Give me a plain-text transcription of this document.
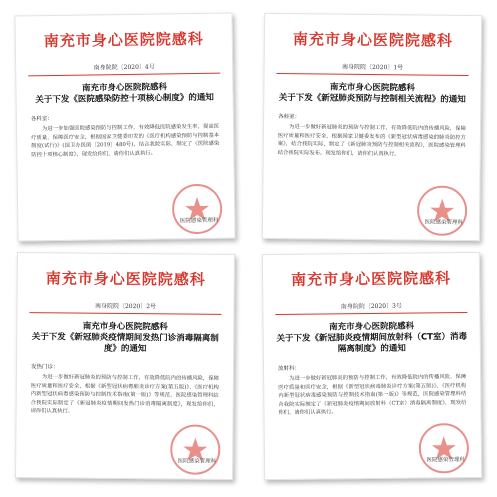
南充市身心医院院感科
南身院院〔2020〕4号
南充市身心医院院感科
关于下发《医院感染防控十项核心制度》的通知
各科室：
为进一步加强医院感染预防与控制工作，有效降低医院感染发生率，提高医疗质量，保障医疗安全，根据国家卫健委印发的《医疗机构感染预防与控制基本制度(试行)》(国卫办医函〔2019〕480号)，结合我院实际，制定了《医院感染防控十项核心制度》，现发给你们，请你们认真执行。
医院感染管理科
南充市身心医院院感科
南身院院〔2020〕1号
南充市身心医院院感科
关于下发《新冠肺炎预防与控制相关流程》的通知
各科室：
为进一步做好新冠肺炎的预防与控制工作，有效降低院内的传播风险，保障医疗质量和医疗安全，根据国家卫健委发布的《新型冠状病毒感染的肺炎防控方案》，结合我院实际，制定了《新冠肺炎预防与控制相关流程》，医院感染管理科结合我院实际发布。现发给你们，请你们认真执行。
医院感染管理科
南充市身心医院院感科
南身院院〔2020〕2号
南充市身心医院院感科
关于下发《新冠肺炎疫情期间发热门诊消毒隔离制度》的通知
发热门诊：
为进一步做好新冠肺炎的预防与控制工作，有效降低院内的传播风险，保障医疗质量和医疗安全，根据《新型冠状病毒肺炎诊疗方案(第五版)》、《医疗机构内新型冠状病毒感染预防与控制技术指南(第一版)》等规范，医院感染管理科结合我院实际制定了《新冠肺炎疫情期间发热门诊消毒隔离制度》，现发给你们，请你们认真执行。
医院感染管理科
南充市身心医院院感科
南身院院〔2020〕3号
南充市身心医院院感科
关于下发《新冠肺炎疫情期间放射科（CT室）消毒隔离制度》的通知
放射科：
为进一步做好新冠肺炎的预防与控制工作，有效降低院内的传播风险，保障医疗质量和医疗安全，根据《新型冠状病毒肺炎诊疗方案(第五版)》、《医疗机构内新型冠状病毒感染预防与控制技术指南(第一版)》等规范，医院感染管理科结合我院实际制定了《新冠肺炎疫情期间放射科（CT室）消毒隔离制度》，现发给你们，请你们认真执行。
医院感染管理科
